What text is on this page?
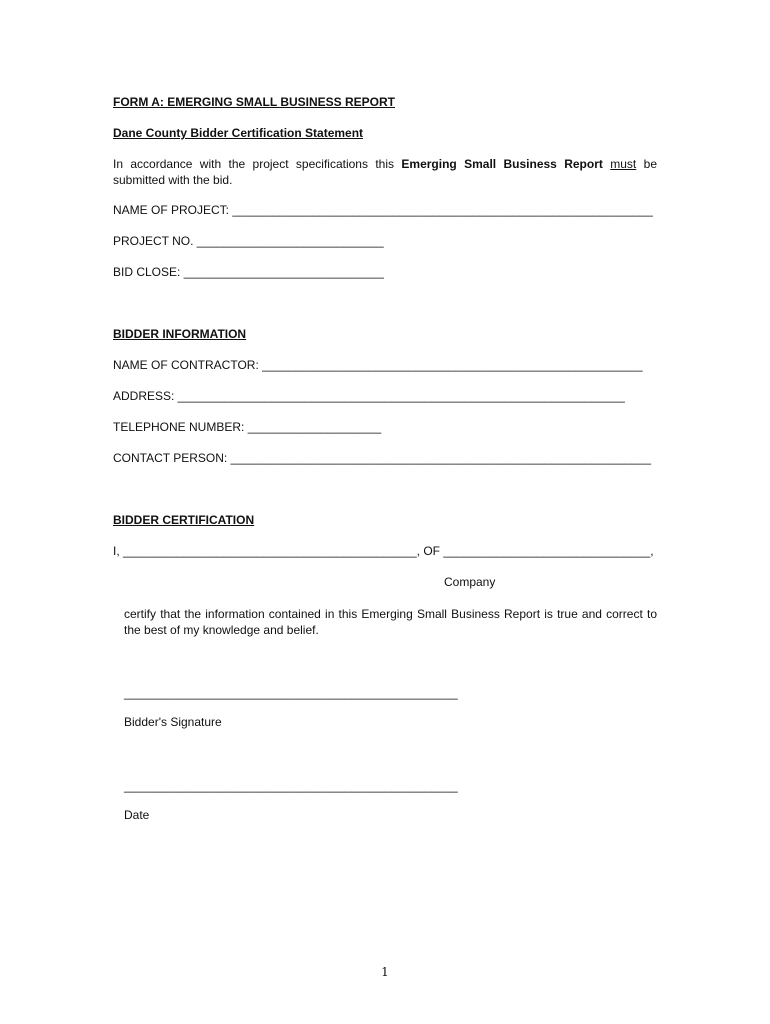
FORM A: EMERGING SMALL BUSINESS REPORT
Dane County Bidder Certification Statement
In accordance with the project specifications this Emerging Small Business Report must be submitted with the bid.
NAME OF PROJECT: _______________________________________________________________
PROJECT NO. ____________________________
BID CLOSE: ______________________________
BIDDER INFORMATION
NAME OF CONTRACTOR: _________________________________________________________
ADDRESS: ___________________________________________________________________
TELEPHONE NUMBER: ____________________
CONTACT PERSON: _______________________________________________________________
BIDDER CERTIFICATION
I, ____________________________________________, OF _______________________________,
Company
certify that the information contained in this Emerging Small Business Report is true and correct to the best of my knowledge and belief.
__________________________________________________
Bidder's Signature
__________________________________________________
Date
1
